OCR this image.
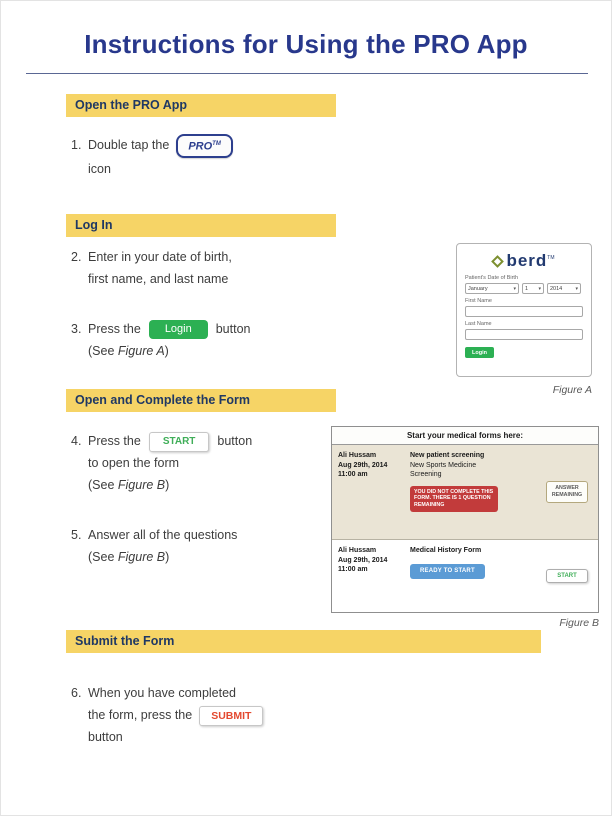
Instructions for Using the PRO App
Open the PRO App
1. Double tap the PRO™
icon
Log In
2. Enter in your date of birth,
first name, and last name
3. Press the Login button
(See Figure A)
berd™
Patient's Date of Birth
January	▾ 1 ▾ 2014	▾
First Name
Last Name
Login
Figure A
Open and Complete the Form
4. Press the START button
to open the form
(See Figure B)
5. Answer all of the questions
(See Figure B)
Start your medical forms here:
Ali Hussam
Aug 29th, 2014
11:00 am
New patient screening
New Sports Medicine Screening
YOU DID NOT COMPLETE THIS FORM. THERE IS 1 QUESTION REMAINING
ANSWER REMAINING
Ali Hussam
Aug 29th, 2014
11:00 am
Medical History Form
READY TO START
START
Figure B
Submit the Form
6. When you have completed
the form, press the SUBMIT
button
